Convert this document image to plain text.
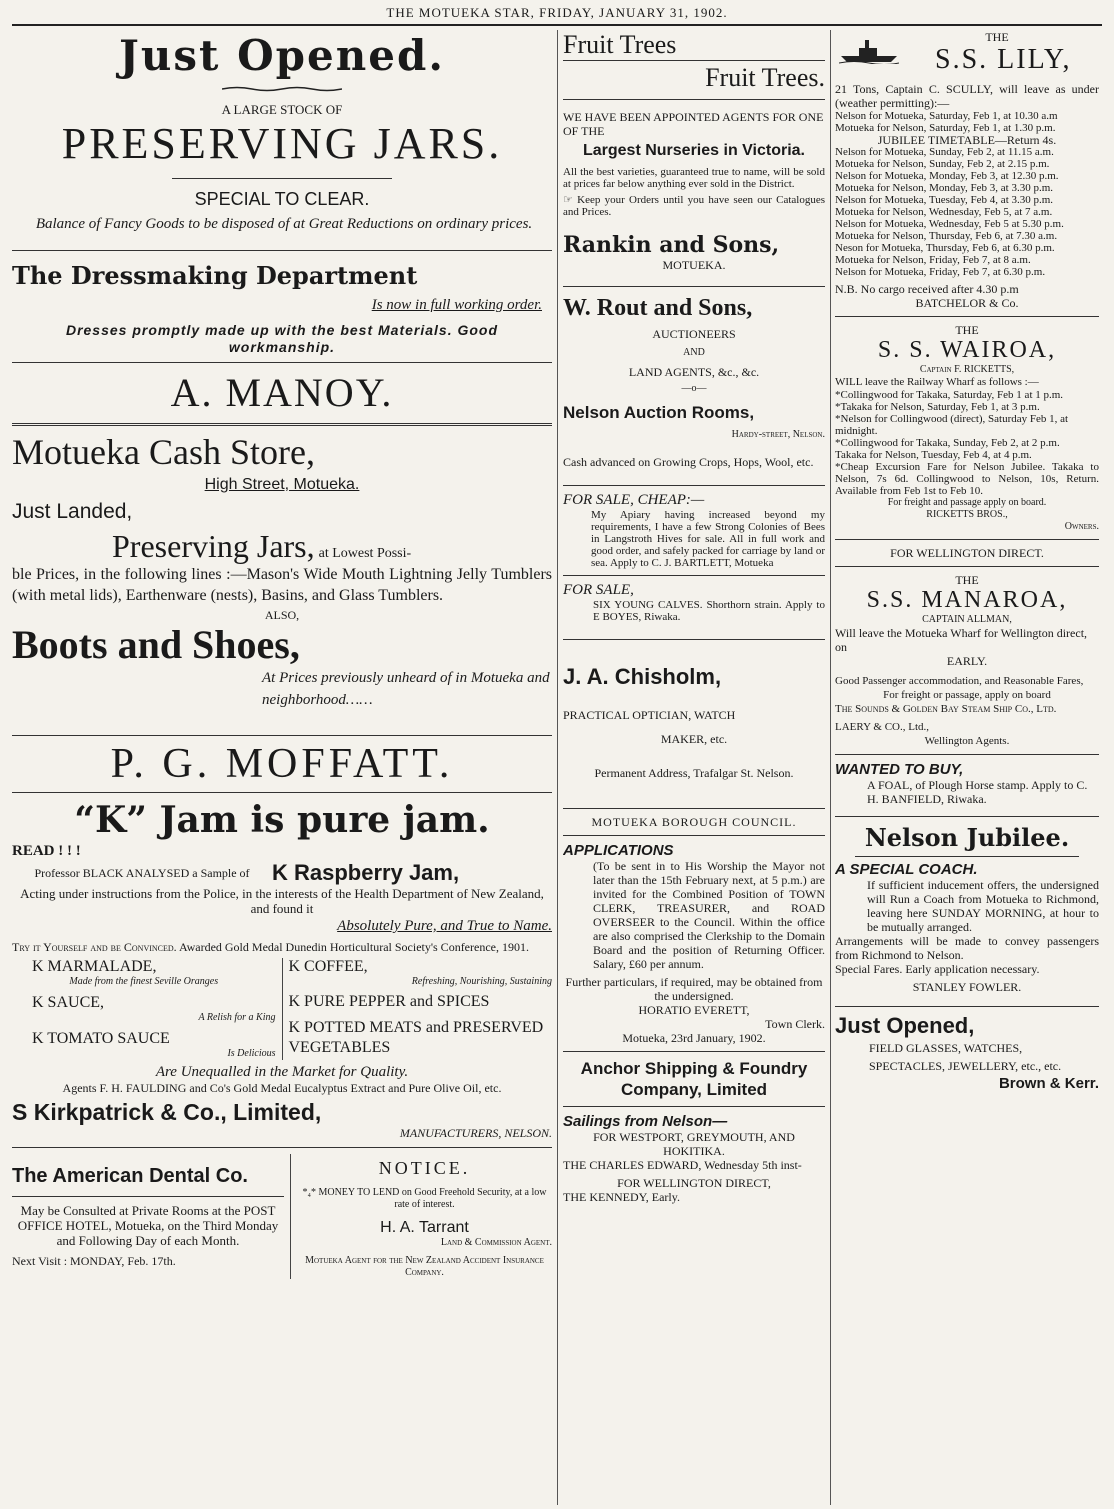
THE MOTUEKA STAR, FRIDAY, JANUARY 31, 1902.

Just Opened.

A LARGE STOCK OF

PRESERVING JARS.

SPECIAL TO CLEAR.

Balance of Fancy Goods to be disposed of at Great Reductions on ordinary prices.

The Dressmaking Department

Is now in full working order.

Dresses promptly made up with the best Materials. Good workmanship.

A. MANOY.

Motueka Cash Store,

High Street, Motueka.

Just Landed,

Preserving Jars, at Lowest Possi-

ble Prices, in the following lines :—Mason's Wide Mouth Lightning Jelly Tumblers (with metal lids), Earthenware (nests), Basins, and Glass Tumblers.

ALSO,

Boots and Shoes,

At Prices previously unheard of in Motueka and neighborhood……

P. G. MOFFATT.

“K” Jam is pure jam.

READ ! ! !

Professor BLACK ANALYSED a Sample of	K Raspberry Jam,

Acting under instructions from the Police, in the interests of the Health Department of New Zealand, and found it

Absolutely Pure, and True to Name.

Try it Yourself and be Convinced. Awarded Gold Medal Dunedin Horticultural Society's Conference, 1901.

K MARMALADE,

Made from the finest Seville Oranges

K SAUCE,

A Relish for a King

K TOMATO SAUCE

Is Delicious

K COFFEE,

Refreshing, Nourishing, Sustaining

K PURE PEPPER and SPICES

K POTTED MEATS and PRESERVED VEGETABLES

Are Unequalled in the Market for Quality.

Agents F. H. FAULDING and Co's Gold Medal Eucalyptus Extract and Pure Olive Oil, etc.

S Kirkpatrick & Co., Limited,

MANUFACTURERS, NELSON.

The American Dental Co.

May be Consulted at Private Rooms at the POST OFFICE HOTEL, Motueka, on the Third Monday and Following Day of each Month.

Next Visit : MONDAY, Feb. 17th.

NOTICE.

*₄* MONEY TO LEND on Good Freehold Security, at a low rate of interest.

H. A. Tarrant

Land & Commission Agent.

Motueka Agent for the New Zealand Accident Insurance Company.

Fruit Trees

Fruit Trees.

WE HAVE BEEN APPOINTED AGENTS FOR ONE OF THE

Largest Nurseries in Victoria.

All the best varieties, guaranteed true to name, will be sold at prices far below anything ever sold in the District.

☞ Keep your Orders until you have seen our Catalogues and Prices.

Rankin and Sons,

MOTUEKA.

W. Rout and Sons,

AUCTIONEERS

AND

LAND AGENTS, &c., &c.

—o—

Nelson Auction Rooms,

Hardy-street, Nelson.

Cash advanced on Growing Crops, Hops, Wool, etc.

FOR SALE, CHEAP:—

My Apiary having increased beyond my requirements, I have a few Strong Colonies of Bees in Langstroth Hives for sale. All in full work and good order, and safely packed for carriage by land or sea. Apply to C. J. BARTLETT, Motueka

FOR SALE,

SIX YOUNG CALVES. Shorthorn strain. Apply to E BOYES, Riwaka.

J. A. Chisholm,

PRACTICAL OPTICIAN, WATCH

MAKER, etc.

Permanent Address, Trafalgar St. Nelson.

MOTUEKA BOROUGH COUNCIL.

APPLICATIONS

(To be sent in to His Worship the Mayor not later than the 15th February next, at 5 p.m.) are invited for the Combined Position of TOWN CLERK, TREASURER, and ROAD OVERSEER to the Council. Within the office are also comprised the Clerkship to the Domain Board and the position of Returning Officer. Salary, £60 per annum.

Further particulars, if required, may be obtained from the undersigned.

HORATIO EVERETT,

Town Clerk.

Motueka, 23rd January, 1902.

Anchor Shipping & Foundry Company, Limited

Sailings from Nelson—

FOR WESTPORT, GREYMOUTH, AND HOKITIKA.

THE CHARLES EDWARD, Wednesday 5th inst-

FOR WELLINGTON DIRECT,

THE KENNEDY, Early.

THE

S.S. LILY,

21 Tons, Captain C. SCULLY, will leave as under (weather permitting):—

Nelson for Motueka, Saturday, Feb 1, at 10.30 a.m

Motueka for Nelson, Saturday, Feb 1, at 1.30 p.m.

JUBILEE TIMETABLE—Return 4s.

Nelson for Motueka, Sunday, Feb 2, at 11.15 a.m.

Motueka for Nelson, Sunday, Feb 2, at 2.15 p.m.

Nelson for Motueka, Monday, Feb 3, at 12.30 p.m.

Motueka for Nelson, Monday, Feb 3, at 3.30 p.m.

Nelson for Motueka, Tuesday, Feb 4, at 3.30 p.m.

Motueka for Nelson, Wednesday, Feb 5, at 7 a.m.

Nelson for Motueka, Wednesday, Feb 5 at 5.30 p.m.

Motueka for Nelson, Thursday, Feb 6, at 7.30 a.m.

Neson for Motueka, Thursday, Feb 6, at 6.30 p.m.

Motueka for Nelson, Friday, Feb 7, at 8 a.m.

Nelson for Motueka, Friday, Feb 7, at 6.30 p.m.

N.B. No cargo received after 4.30 p.m

BATCHELOR & Co.

THE

S. S. WAIROA,

Captain F. RICKETTS,

WILL leave the Railway Wharf as follows :—

*Collingwood for Takaka, Saturday, Feb 1 at 1 p.m.

*Takaka for Nelson, Saturday, Feb 1, at 3 p.m.

*Nelson for Collingwood (direct), Saturday Feb 1, at midnight.

*Collingwood for Takaka, Sunday, Feb 2, at 2 p.m.

Takaka for Nelson, Tuesday, Feb 4, at 4 p.m.

*Cheap Excursion Fare for Nelson Jubilee. Takaka to Nelson, 7s 6d. Collingwood to Nelson, 10s, Return. Available from Feb 1st to Feb 10.

For freight and passage apply on board.

RICKETTS BROS.,

Owners.

FOR WELLINGTON DIRECT.

THE

S.S. MANAROA,

CAPTAIN ALLMAN,

Will leave the Motueka Wharf for Wellington direct, on

EARLY.

Good Passenger accommodation, and Reasonable Fares,

For freight or passage, apply on board

The Sounds & Golden Bay Steam Ship Co., Ltd.

LAERY & CO., Ltd.,

Wellington Agents.

WANTED TO BUY,

A FOAL, of Plough Horse stamp. Apply to C. H. BANFIELD, Riwaka.

Nelson Jubilee.

A SPECIAL COACH.

If sufficient inducement offers, the undersigned will Run a Coach from Motueka to Richmond, leaving here SUNDAY MORNING, at hour to be mutually arranged.

Arrangements will be made to convey passengers from Richmond to Nelson.

Special Fares. Early application necessary.

STANLEY FOWLER.

Just Opened,

FIELD GLASSES, WATCHES, SPECTACLES, JEWELLERY, etc., etc.

Brown & Kerr.
